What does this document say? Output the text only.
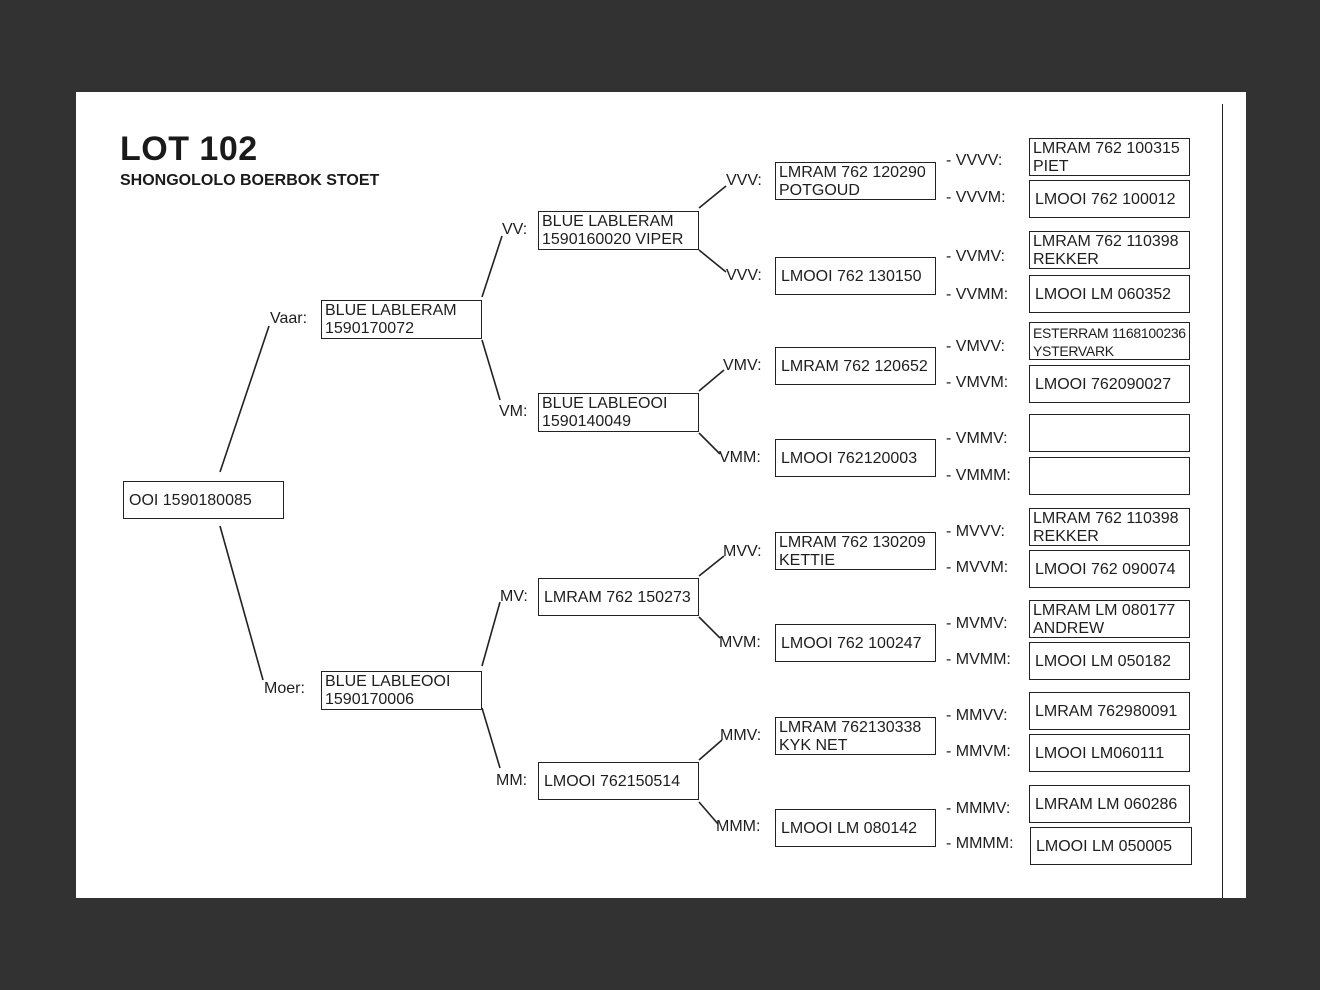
LOT 102
SHONGOLOLO BOERBOK STOET
OOI 1590180085
Vaar: BLUE LABLERAM
1590170072
Moer: BLUE LABLEOOI
1590170006
VV: BLUE LABLERAM
1590160020 VIPER
VM: BLUE LABLEOOI
1590140049
MV: LMRAM 762 150273
MM: LMOOI 762150514
VVV: LMRAM 762 120290
POTGOUD
VVV: LMOOI 762 130150
VMV: LMRAM 762 120652
VMM: LMOOI 762120003
MVV:
LMRAM 762 130209
KETTIE
MVM: LMOOI 762 100247
MMV: LMRAM 762130338
KYK NET
MMM: LMOOI LM 080142
- VVVV:
LMRAM 762 100315
PIET
- VVVM: LMOOI 762 100012
- VVMV:
LMRAM 762 110398
REKKER
- VVMM: LMOOI LM 060352
- VMVV:
ESTERRAM 1168100236
YSTERVARK
- VMVM: LMOOI 762090027
- VMMV:
- VMMM:
- MVVV:
LMRAM 762 110398
REKKER
- MVVM: LMOOI 762 090074
- MVMV:
LMRAM LM 080177
ANDREW
- MVMM: LMOOI LM 050182
- MMVV: LMRAM 762980091
- MMVM: LMOOI LM060111
- MMMV: LMRAM LM 060286
- MMMM: LMOOI LM 050005
